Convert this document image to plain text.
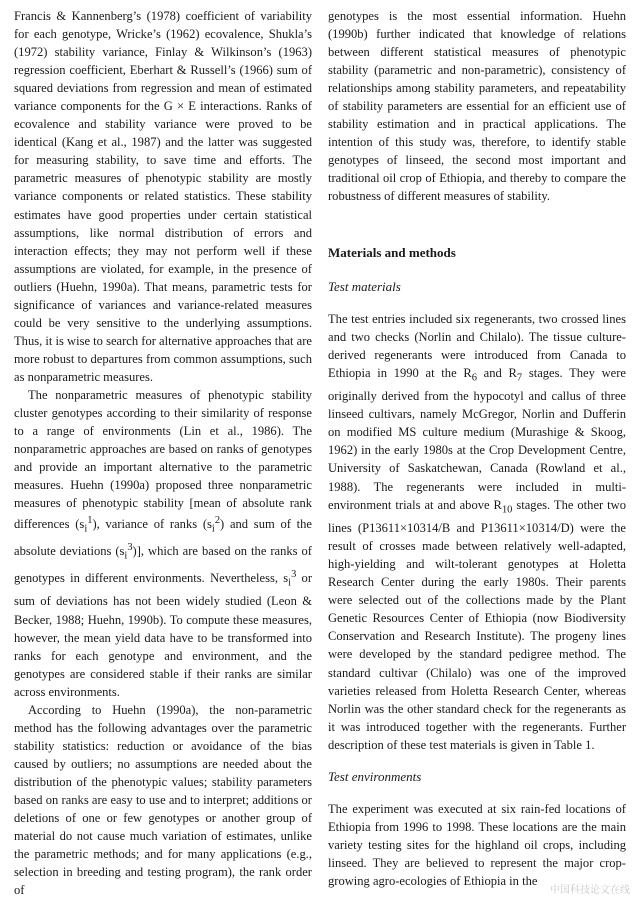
Francis & Kannenberg’s (1978) coefficient of variability for each genotype, Wricke’s (1962) ecovalence, Shukla’s (1972) stability variance, Finlay & Wilkinson’s (1963) regression coefficient, Eberhart & Russell’s (1966) sum of squared deviations from regression and mean of estimated variance components for the G × E interactions. Ranks of ecovalence and stability variance were proved to be identical (Kang et al., 1987) and the latter was suggested for measuring stability, to save time and efforts. The parametric measures of phenotypic stability are mostly variance components or related statistics. These stability estimates have good properties under certain statistical assumptions, like normal distribution of errors and interaction effects; they may not perform well if these assumptions are violated, for example, in the presence of outliers (Huehn, 1990a). That means, parametric tests for significance of variances and variance-related measures could be very sensitive to the underlying assumptions. Thus, it is wise to search for alternative approaches that are more robust to departures from common assumptions, such as nonparametric measures.

The nonparametric measures of phenotypic stability cluster genotypes according to their similarity of response to a range of environments (Lin et al., 1986). The nonparametric approaches are based on ranks of genotypes and provide an important alternative to the parametric measures. Huehn (1990a) proposed three nonparametric measures of phenotypic stability [mean of absolute rank differences $(s_i^1)$, variance of ranks $(s_i^2)$ and sum of the absolute deviations $(s_i^3)$], which are based on the ranks of genotypes in different environments. Nevertheless, $s_i^3$ or sum of deviations has not been widely studied (Leon & Becker, 1988; Huehn, 1990b). To compute these measures, however, the mean yield data have to be transformed into ranks for each genotype and environment, and the genotypes are considered stable if their ranks are similar across environments.

According to Huehn (1990a), the non-parametric method has the following advantages over the parametric stability statistics: reduction or avoidance of the bias caused by outliers; no assumptions are needed about the distribution of the phenotypic values; stability parameters based on ranks are easy to use and to interpret; additions or deletions of one or few genotypes or another group of material do not cause much variation of estimates, unlike the parametric methods; and for many applications (e.g., selection in breeding and testing program), the rank order of

genotypes is the most essential information. Huehn (1990b) further indicated that knowledge of relations between different statistical measures of phenotypic stability (parametric and non-parametric), consistency of relationships among stability parameters, and repeatability of stability parameters are essential for an efficient use of stability estimation and in practical applications. The intention of this study was, therefore, to identify stable genotypes of linseed, the second most important and traditional oil crop of Ethiopia, and thereby to compare the robustness of different measures of stability.

Materials and methods
Test materials

The test entries included six regenerants, two crossed lines and two checks (Norlin and Chilalo). The tissue culture-derived regenerants were introduced from Canada to Ethiopia in 1990 at the $R_6$ and $R_7$ stages. They were originally derived from the hypocotyl and callus of three linseed cultivars, namely McGregor, Norlin and Dufferin on modified MS culture medium (Murashige & Skoog, 1962) in the early 1980s at the Crop Development Centre, University of Saskatchewan, Canada (Rowland et al., 1988). The regenerants were included in multi-environment trials at and above $R_{10}$ stages. The other two lines (P13611×10314/B and P13611×10314/D) were the result of crosses made between relatively well-adapted, high-yielding and wilt-tolerant genotypes at Holetta Research Center during the early 1980s. Their parents were selected out of the collections made by the Plant Genetic Resources Center of Ethiopia (now Biodiversity Conservation and Research Institute). The progeny lines were developed by the standard pedigree method. The standard cultivar (Chilalo) was one of the improved varieties released from Holetta Research Center, whereas Norlin was the other standard check for the regenerants as it was introduced together with the regenerants. Further description of these test materials is given in Table 1.

Test environments

The experiment was executed at six rain-fed locations of Ethiopia from 1996 to 1998. These locations are the main variety testing sites for the highland oil crops, including linseed. They are believed to represent the major crop-growing agro-ecologies of Ethiopia in the

中国科技论文在线
